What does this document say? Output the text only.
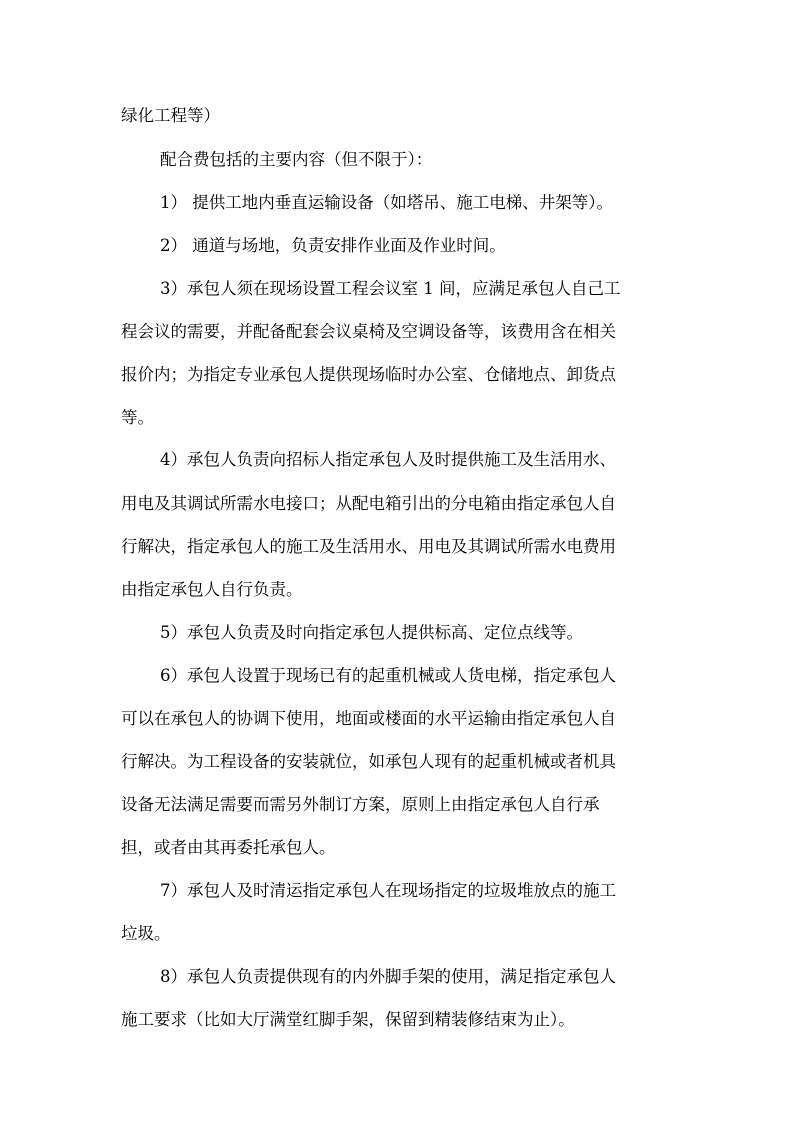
绿化工程等）
配合费包括的主要内容（但不限于）：
1） 提供工地内垂直运输设备（如塔吊、施工电梯、井架等）。
2） 通道与场地，负责安排作业面及作业时间。
3）承包人须在现场设置工程会议室 1 间，应满足承包人自己工
程会议的需要，并配备配套会议桌椅及空调设备等，该费用含在相关
报价内；为指定专业承包人提供现场临时办公室、仓储地点、卸货点
等。
4）承包人负责向招标人指定承包人及时提供施工及生活用水、
用电及其调试所需水电接口；从配电箱引出的分电箱由指定承包人自
行解决，指定承包人的施工及生活用水、用电及其调试所需水电费用
由指定承包人自行负责。
5）承包人负责及时向指定承包人提供标高、定位点线等。
6）承包人设置于现场已有的起重机械或人货电梯，指定承包人
可以在承包人的协调下使用，地面或楼面的水平运输由指定承包人自
行解决。为工程设备的安装就位，如承包人现有的起重机械或者机具
设备无法满足需要而需另外制订方案，原则上由指定承包人自行承
担，或者由其再委托承包人。
7）承包人及时清运指定承包人在现场指定的垃圾堆放点的施工
垃圾。
8）承包人负责提供现有的内外脚手架的使用，满足指定承包人
施工要求（比如大厅满堂红脚手架，保留到精装修结束为止）。
